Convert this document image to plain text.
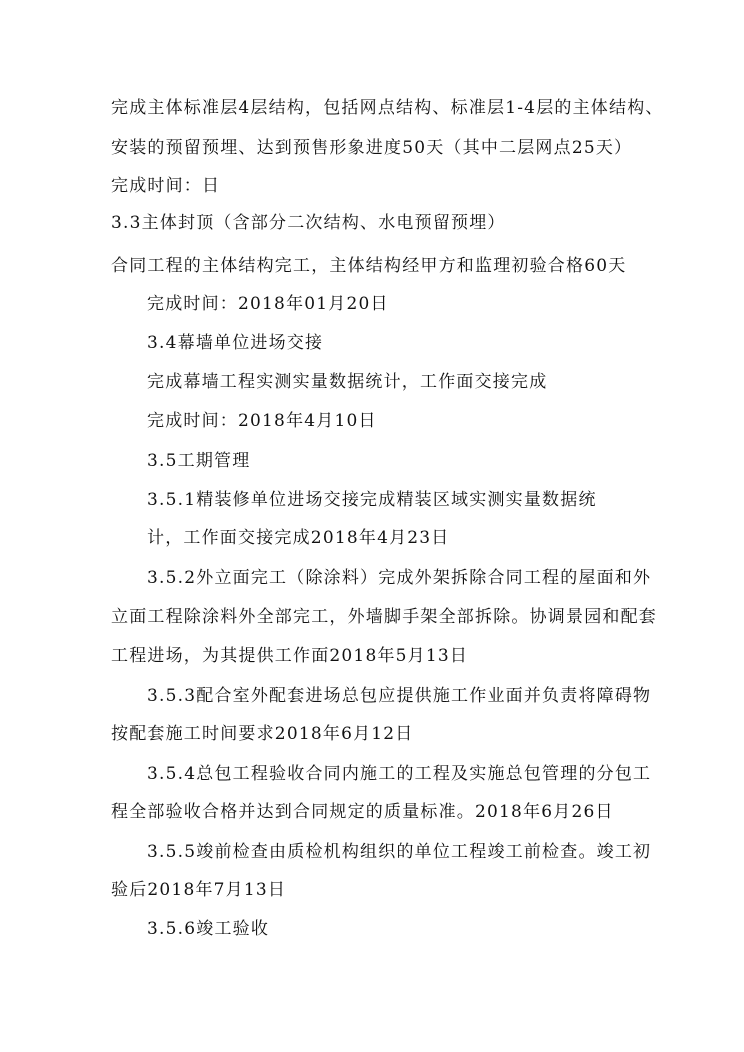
完成主体标准层4层结构，包括网点结构、标准层1-4层的主体结构、
安装的预留预埋、达到预售形象进度50天（其中二层网点25天）
完成时间：日
3.3主体封顶（含部分二次结构、水电预留预埋）
合同工程的主体结构完工，主体结构经甲方和监理初验合格60天
完成时间：2018年01月20日
3.4幕墙单位进场交接
完成幕墙工程实测实量数据统计，工作面交接完成
完成时间：2018年4月10日
3.5工期管理
3.5.1精装修单位进场交接完成精装区域实测实量数据统
计，工作面交接完成2018年4月23日
3.5.2外立面完工（除涂料）完成外架拆除合同工程的屋面和外
立面工程除涂料外全部完工，外墙脚手架全部拆除。协调景园和配套
工程进场，为其提供工作面2018年5月13日
3.5.3配合室外配套进场总包应提供施工作业面并负责将障碍物
按配套施工时间要求2018年6月12日
3.5.4总包工程验收合同内施工的工程及实施总包管理的分包工
程全部验收合格并达到合同规定的质量标准。2018年6月26日
3.5.5竣前检查由质检机构组织的单位工程竣工前检查。竣工初
验后2018年7月13日
3.5.6竣工验收
